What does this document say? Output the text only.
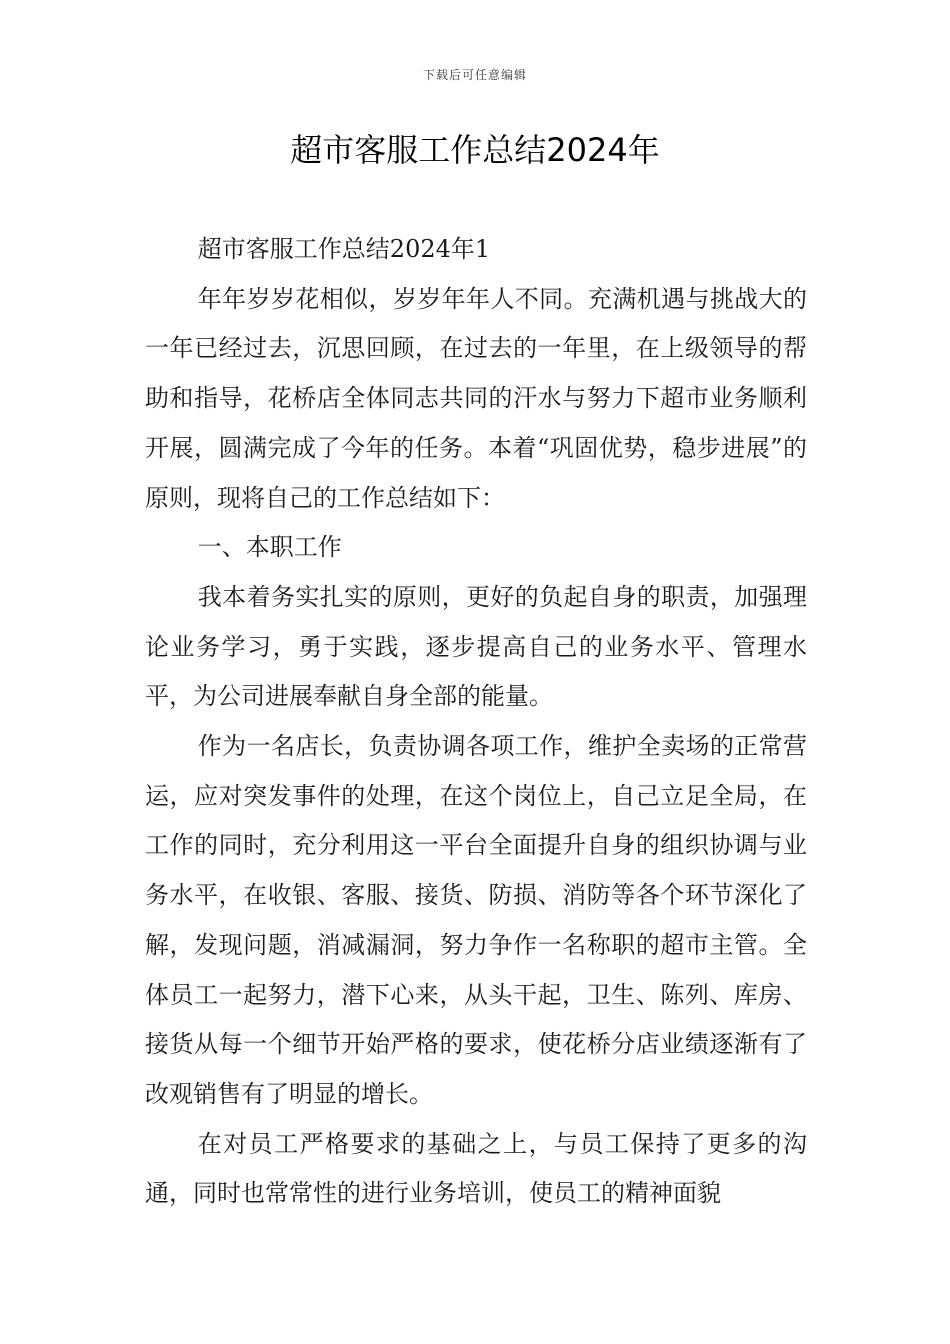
下载后可任意编辑
超市客服工作总结2024年

超市客服工作总结2024年1

年年岁岁花相似，岁岁年年人不同。充满机遇与挑战大的一年已经过去，沉思回顾，在过去的一年里，在上级领导的帮助和指导，花桥店全体同志共同的汗水与努力下超市业务顺利开展，圆满完成了今年的任务。本着“巩固优势，稳步进展”的原则，现将自己的工作总结如下：

一、本职工作

我本着务实扎实的原则，更好的负起自身的职责，加强理论业务学习，勇于实践，逐步提高自己的业务水平、管理水平，为公司进展奉献自身全部的能量。

作为一名店长，负责协调各项工作，维护全卖场的正常营运，应对突发事件的处理，在这个岗位上，自己立足全局，在工作的同时，充分利用这一平台全面提升自身的组织协调与业务水平，在收银、客服、接货、防损、消防等各个环节深化了解，发现问题，消减漏洞，努力争作一名称职的超市主管。全体员工一起努力，潜下心来，从头干起，卫生、陈列、库房、接货从每一个细节开始严格的要求，使花桥分店业绩逐渐有了改观销售有了明显的增长。

在对员工严格要求的基础之上，与员工保持了更多的沟通，同时也常常性的进行业务培训，使员工的精神面貌
